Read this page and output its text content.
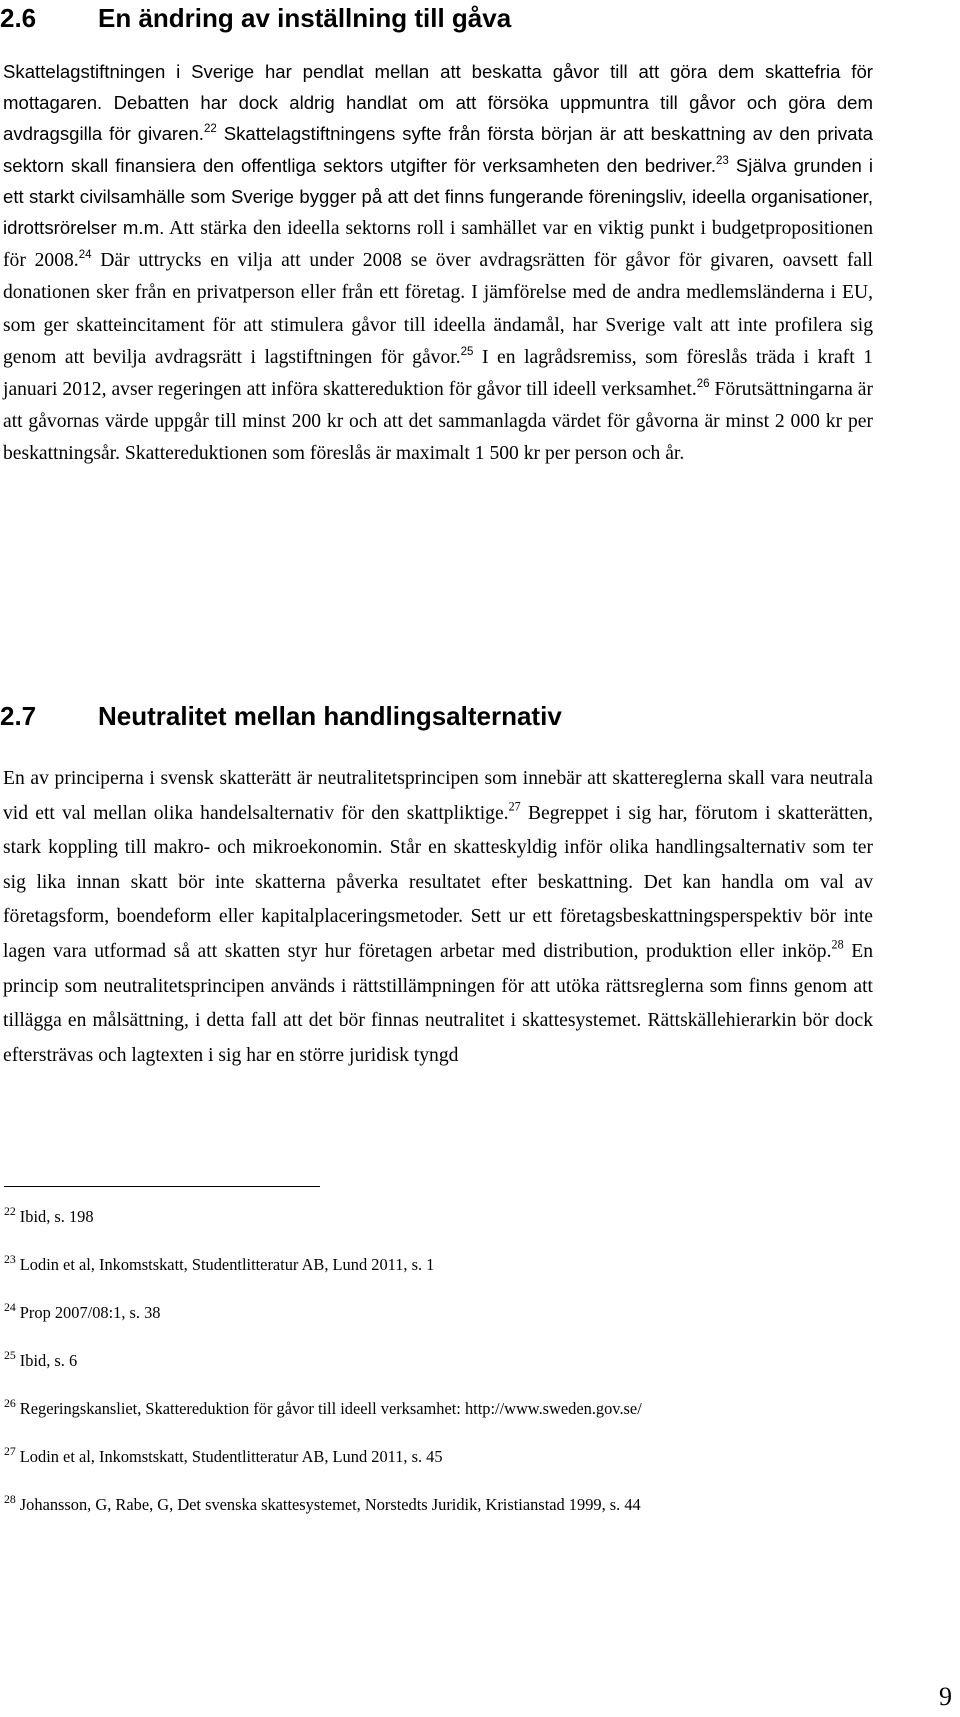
2.6 En ändring av inställning till gåva

Skattelagstiftningen i Sverige har pendlat mellan att beskatta gåvor till att göra dem skattefria för mottagaren. Debatten har dock aldrig handlat om att försöka uppmuntra till gåvor och göra dem avdragsgilla för givaren.$^{22}$ Skattelagstiftningens syfte från första början är att beskattning av den privata sektorn skall finansiera den offentliga sektors utgifter för verksamheten den bedriver.$^{23}$ Själva grunden i ett starkt civilsamhälle som Sverige bygger på att det finns fungerande föreningsliv, ideella organisationer, idrottsrörelser m.m. Att stärka den ideella sektorns roll i samhället var en viktig punkt i budgetpropositionen för 2008.24 Där uttrycks en vilja att under 2008 se över avdragsrätten för gåvor för givaren, oavsett fall donationen sker från en privatperson eller från ett företag. I jämförelse med de andra medlemsländerna i EU, som ger skatteincitament för att stimulera gåvor till ideella ändamål, har Sverige valt att inte profilera sig genom att bevilja avdragsrätt i lagstiftningen för gåvor.$^{25}$ I en lagrådsremiss, som föreslås träda i kraft 1 januari 2012, avser regeringen att införa skattereduktion för gåvor till ideell verksamhet.$^{26}$ Förutsättningarna är att gåvornas värde uppgår till minst 200 kr och att det sammanlagda värdet för gåvorna är minst 2 000 kr per beskattningsår. Skattereduktionen som föreslås är maximalt 1 500 kr per person och år.

2.7 Neutralitet mellan handlingsalternativ

En av principerna i svensk skatterätt är neutralitetsprincipen som innebär att skattereglerna skall vara neutrala vid ett val mellan olika handelsalternativ för den skattpliktige.$^{27}$ Begreppet i sig har, förutom i skatterätten, stark koppling till makro- och mikroekonomin. Står en skatteskyldig inför olika handlingsalternativ som ter sig lika innan skatt bör inte skatterna påverka resultatet efter beskattning. Det kan handla om val av företagsform, boendeform eller kapitalplaceringsmetoder. Sett ur ett företagsbeskattningsperspektiv bör inte lagen vara utformad så att skatten styr hur företagen arbetar med distribution, produktion eller inköp.$^{28}$ En princip som neutralitetsprincipen används i rättstillämpningen för att utöka rättsreglerna som finns genom att tillägga en målsättning, i detta fall att det bör finnas neutralitet i skattesystemet. Rättskällehierarkin bör dock eftersträvas och lagtexten i sig har en större juridisk tyngd

$^{22}$ Ibid, s. 198
$^{23}$ Lodin et al, Inkomstskatt, Studentlitteratur AB, Lund 2011, s. 1
$^{24}$ Prop 2007/08:1, s. 38
$^{25}$ Ibid, s. 6
$^{26}$ Regeringskansliet, Skattereduktion för gåvor till ideell verksamhet: http://www.sweden.gov.se/
$^{27}$ Lodin et al, Inkomstskatt, Studentlitteratur AB, Lund 2011, s. 45
$^{28}$ Johansson, G, Rabe, G, Det svenska skattesystemet, Norstedts Juridik, Kristianstad 1999, s. 44
9
